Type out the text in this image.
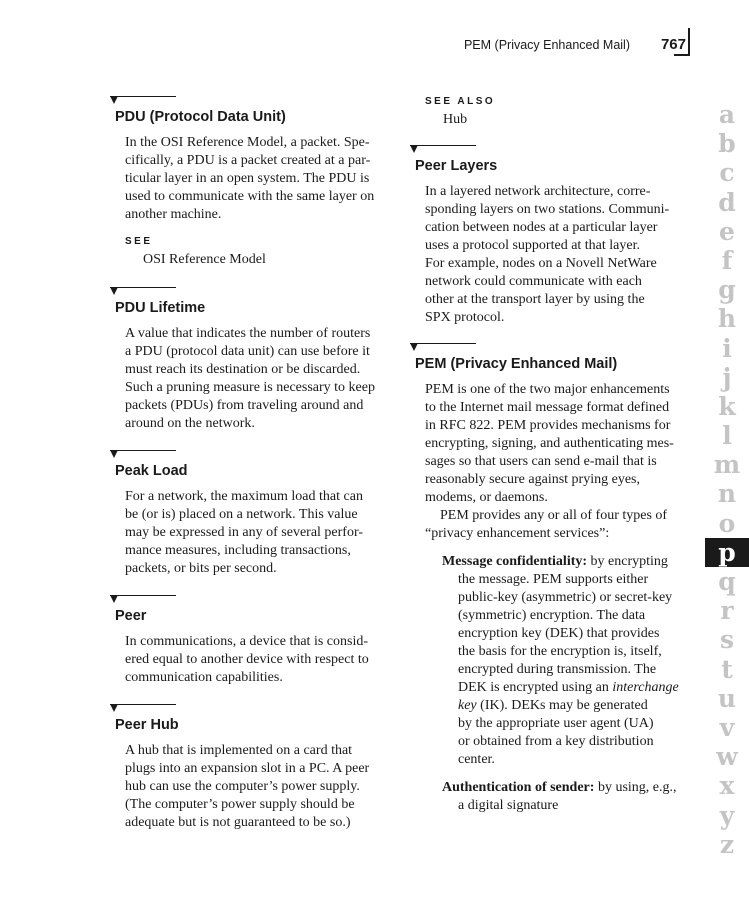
PEM (Privacy Enhanced Mail) 767
PDU (Protocol Data Unit)

In the OSI Reference Model, a packet. Spe-
cifically, a PDU is a packet created at a par-
ticular layer in an open system. The PDU is
used to communicate with the same layer on
another machine.

SEE
OSI Reference Model
PDU Lifetime

A value that indicates the number of routers
a PDU (protocol data unit) can use before it
must reach its destination or be discarded.
Such a pruning measure is necessary to keep
packets (PDUs) from traveling around and
around on the network.

Peak Load

For a network, the maximum load that can
be (or is) placed on a network. This value
may be expressed in any of several perfor-
mance measures, including transactions,
packets, or bits per second.

Peer

In communications, a device that is consid-
ered equal to another device with respect to
communication capabilities.

Peer Hub

A hub that is implemented on a card that
plugs into an expansion slot in a PC. A peer
hub can use the computer’s power supply.
(The computer’s power supply should be
adequate but is not guaranteed to be so.)

SEE ALSO
Hub
Peer Layers

In a layered network architecture, corre-
sponding layers on two stations. Communi-
cation between nodes at a particular layer
uses a protocol supported at that layer.
For example, nodes on a Novell NetWare
network could communicate with each
other at the transport layer by using the
SPX protocol.

PEM (Privacy Enhanced Mail)

PEM is one of the two major enhancements
to the Internet mail message format defined
in RFC 822. PEM provides mechanisms for
encrypting, signing, and authenticating mes-
sages so that users can send e-mail that is
reasonably secure against prying eyes,
modems, or daemons.

PEM provides any or all of four types of
“privacy enhancement services”:

Message confidentiality: by encrypting
the message. PEM supports either
public-key (asymmetric) or secret-key
(symmetric) encryption. The data
encryption key (DEK) that provides
the basis for the encryption is, itself,
encrypted during transmission. The
DEK is encrypted using an interchange
key (IK). DEKs may be generated
by the appropriate user agent (UA)
or obtained from a key distribution
center.
Authentication of sender: by using, e.g.,
a digital signature
a
b
c
d
e
f
g
h
i
j
k
l
m
n
o
p
q
r
s
t
u
v
w
x
y
z
